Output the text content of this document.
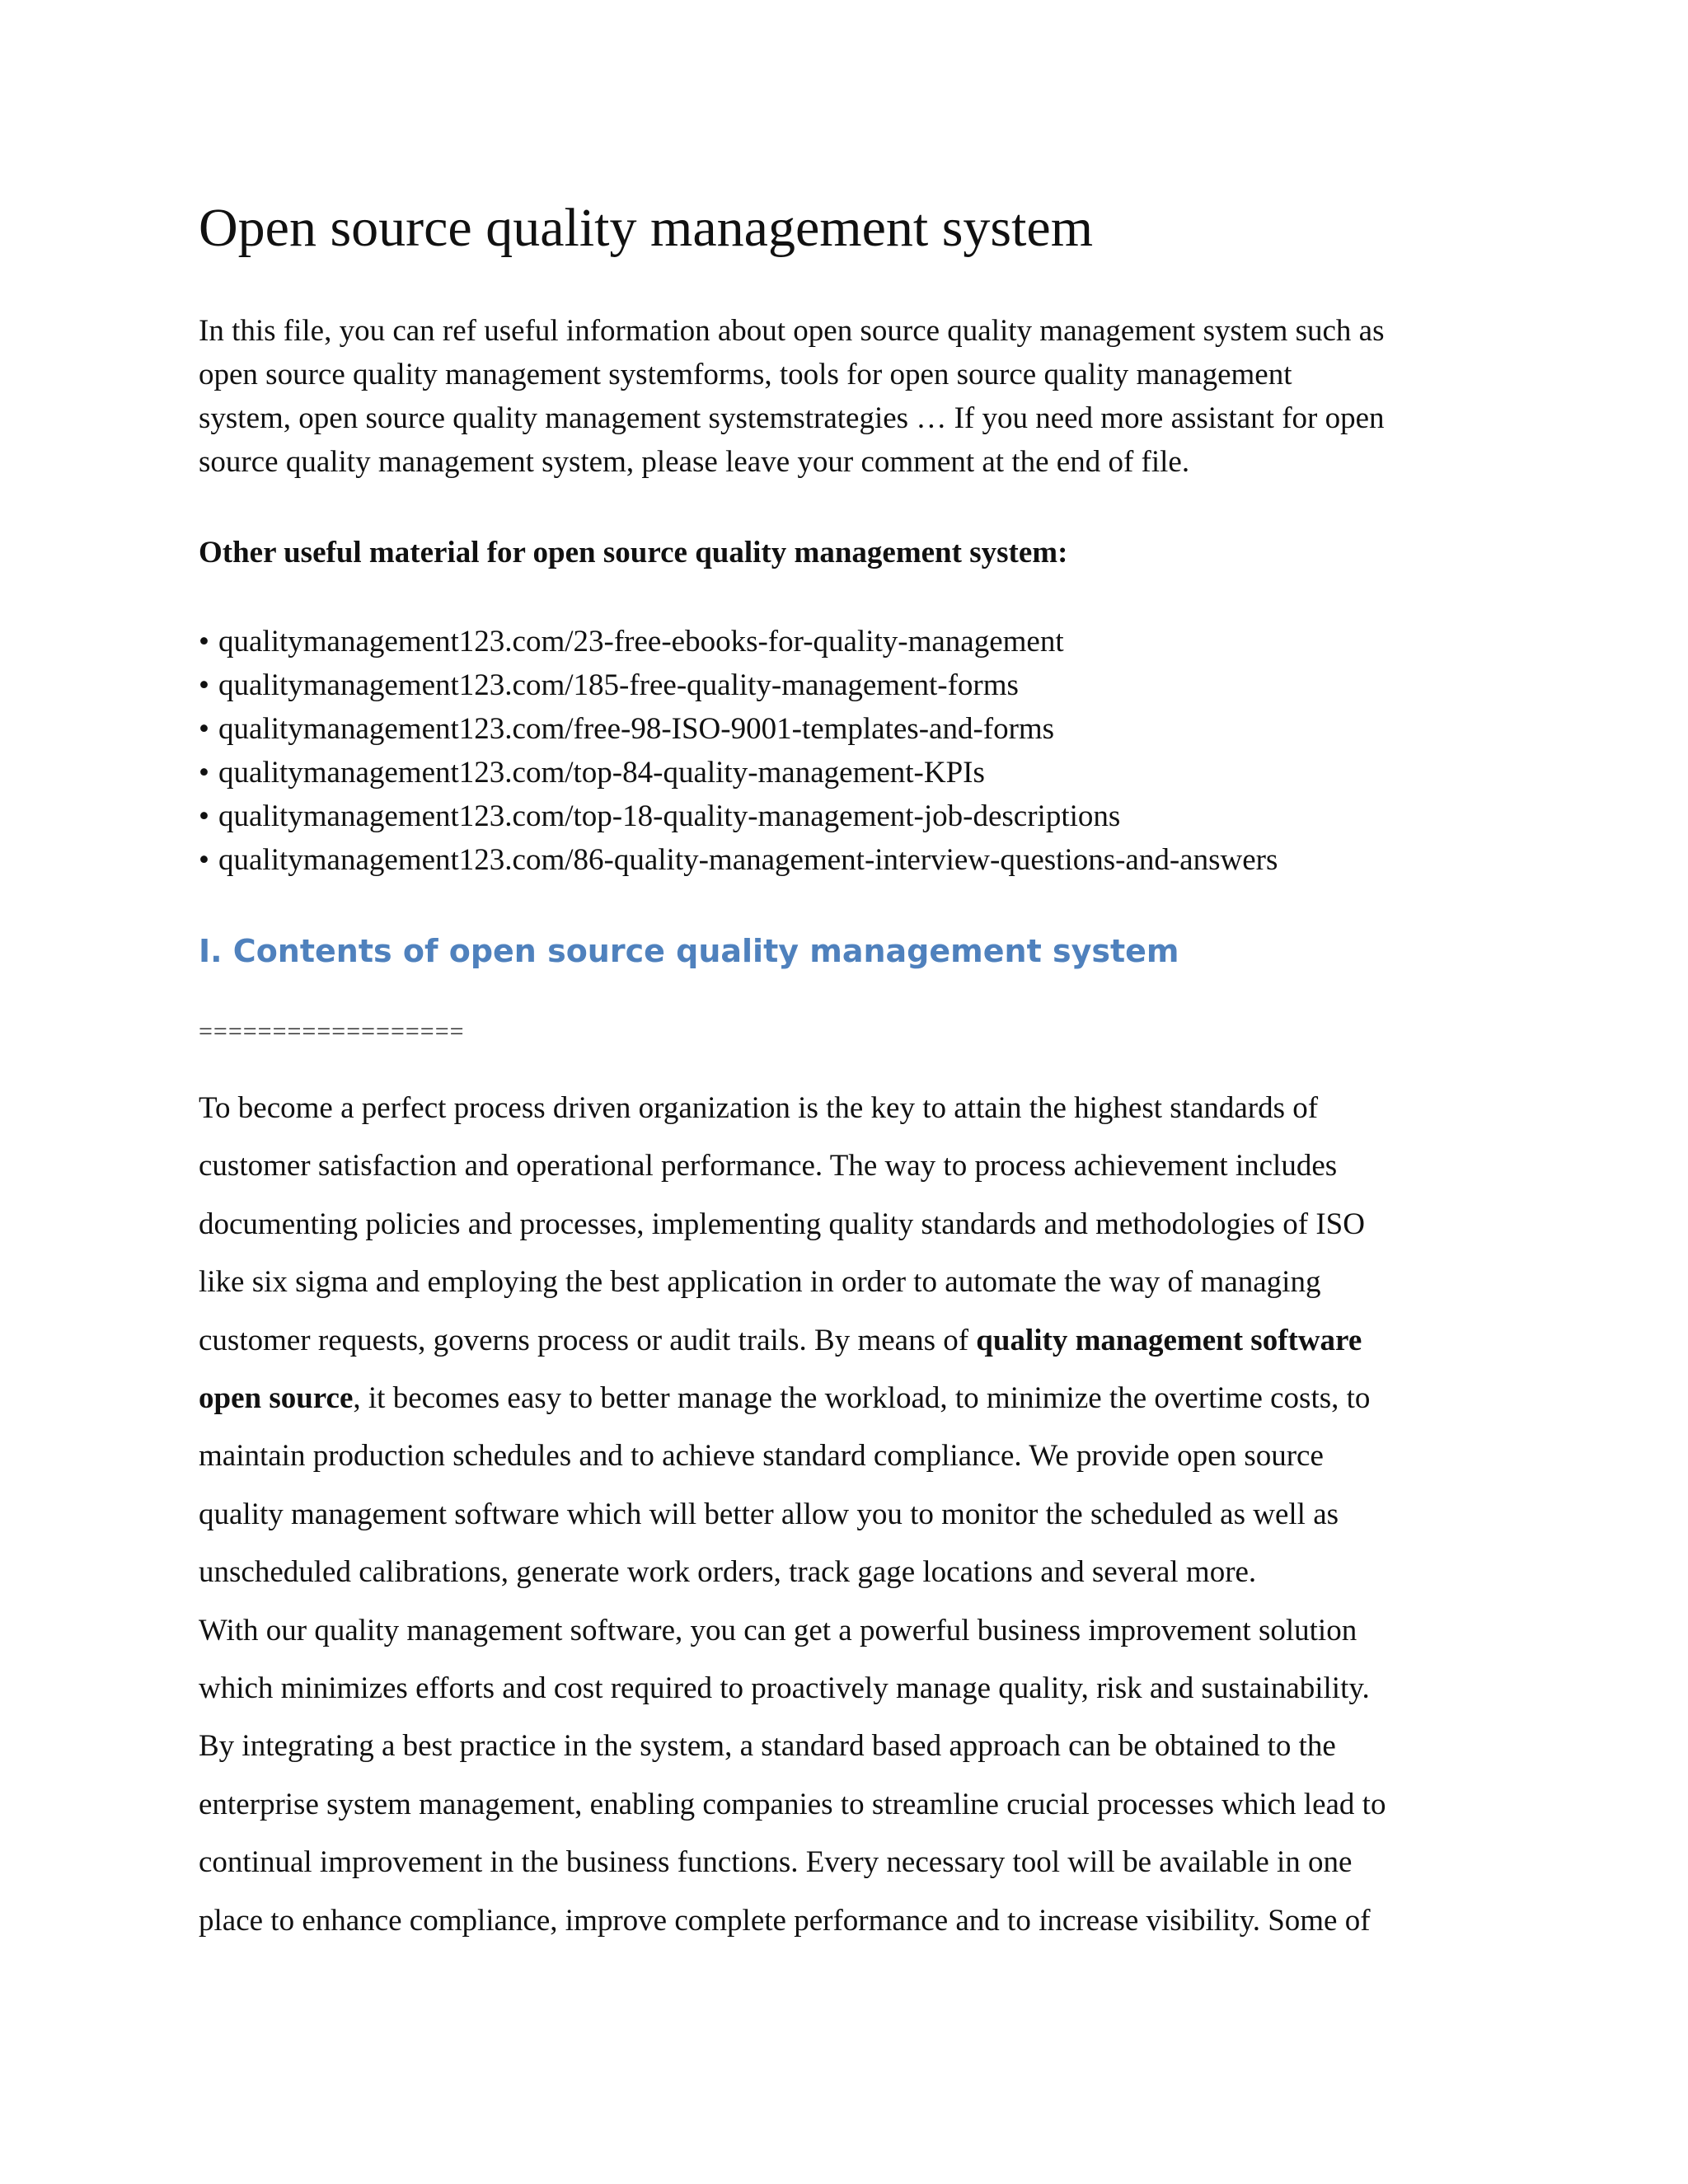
Open source quality management system
In this file, you can ref useful information about open source quality management system such as
open source quality management systemforms, tools for open source quality management
system, open source quality management systemstrategies … If you need more assistant for open
source quality management system, please leave your comment at the end of file.

Other useful material for open source quality management system:

• qualitymanagement123.com/23-free-ebooks-for-quality-management
• qualitymanagement123.com/185-free-quality-management-forms
• qualitymanagement123.com/free-98-ISO-9001-templates-and-forms
• qualitymanagement123.com/top-84-quality-management-KPIs
• qualitymanagement123.com/top-18-quality-management-job-descriptions
• qualitymanagement123.com/86-quality-management-interview-questions-and-answers
I. Contents of open source quality management system

==================

To become a perfect process driven organization is the key to attain the highest standards of
customer satisfaction and operational performance. The way to process achievement includes
documenting policies and processes, implementing quality standards and methodologies of ISO
like six sigma and employing the best application in order to automate the way of managing
customer requests, governs process or audit trails. By means of quality management software
open source, it becomes easy to better manage the workload, to minimize the overtime costs, to
maintain production schedules and to achieve standard compliance. We provide open source
quality management software which will better allow you to monitor the scheduled as well as
unscheduled calibrations, generate work orders, track gage locations and several more.
With our quality management software, you can get a powerful business improvement solution
which minimizes efforts and cost required to proactively manage quality, risk and sustainability.
By integrating a best practice in the system, a standard based approach can be obtained to the
enterprise system management, enabling companies to streamline crucial processes which lead to
continual improvement in the business functions. Every necessary tool will be available in one
place to enhance compliance, improve complete performance and to increase visibility. Some of
